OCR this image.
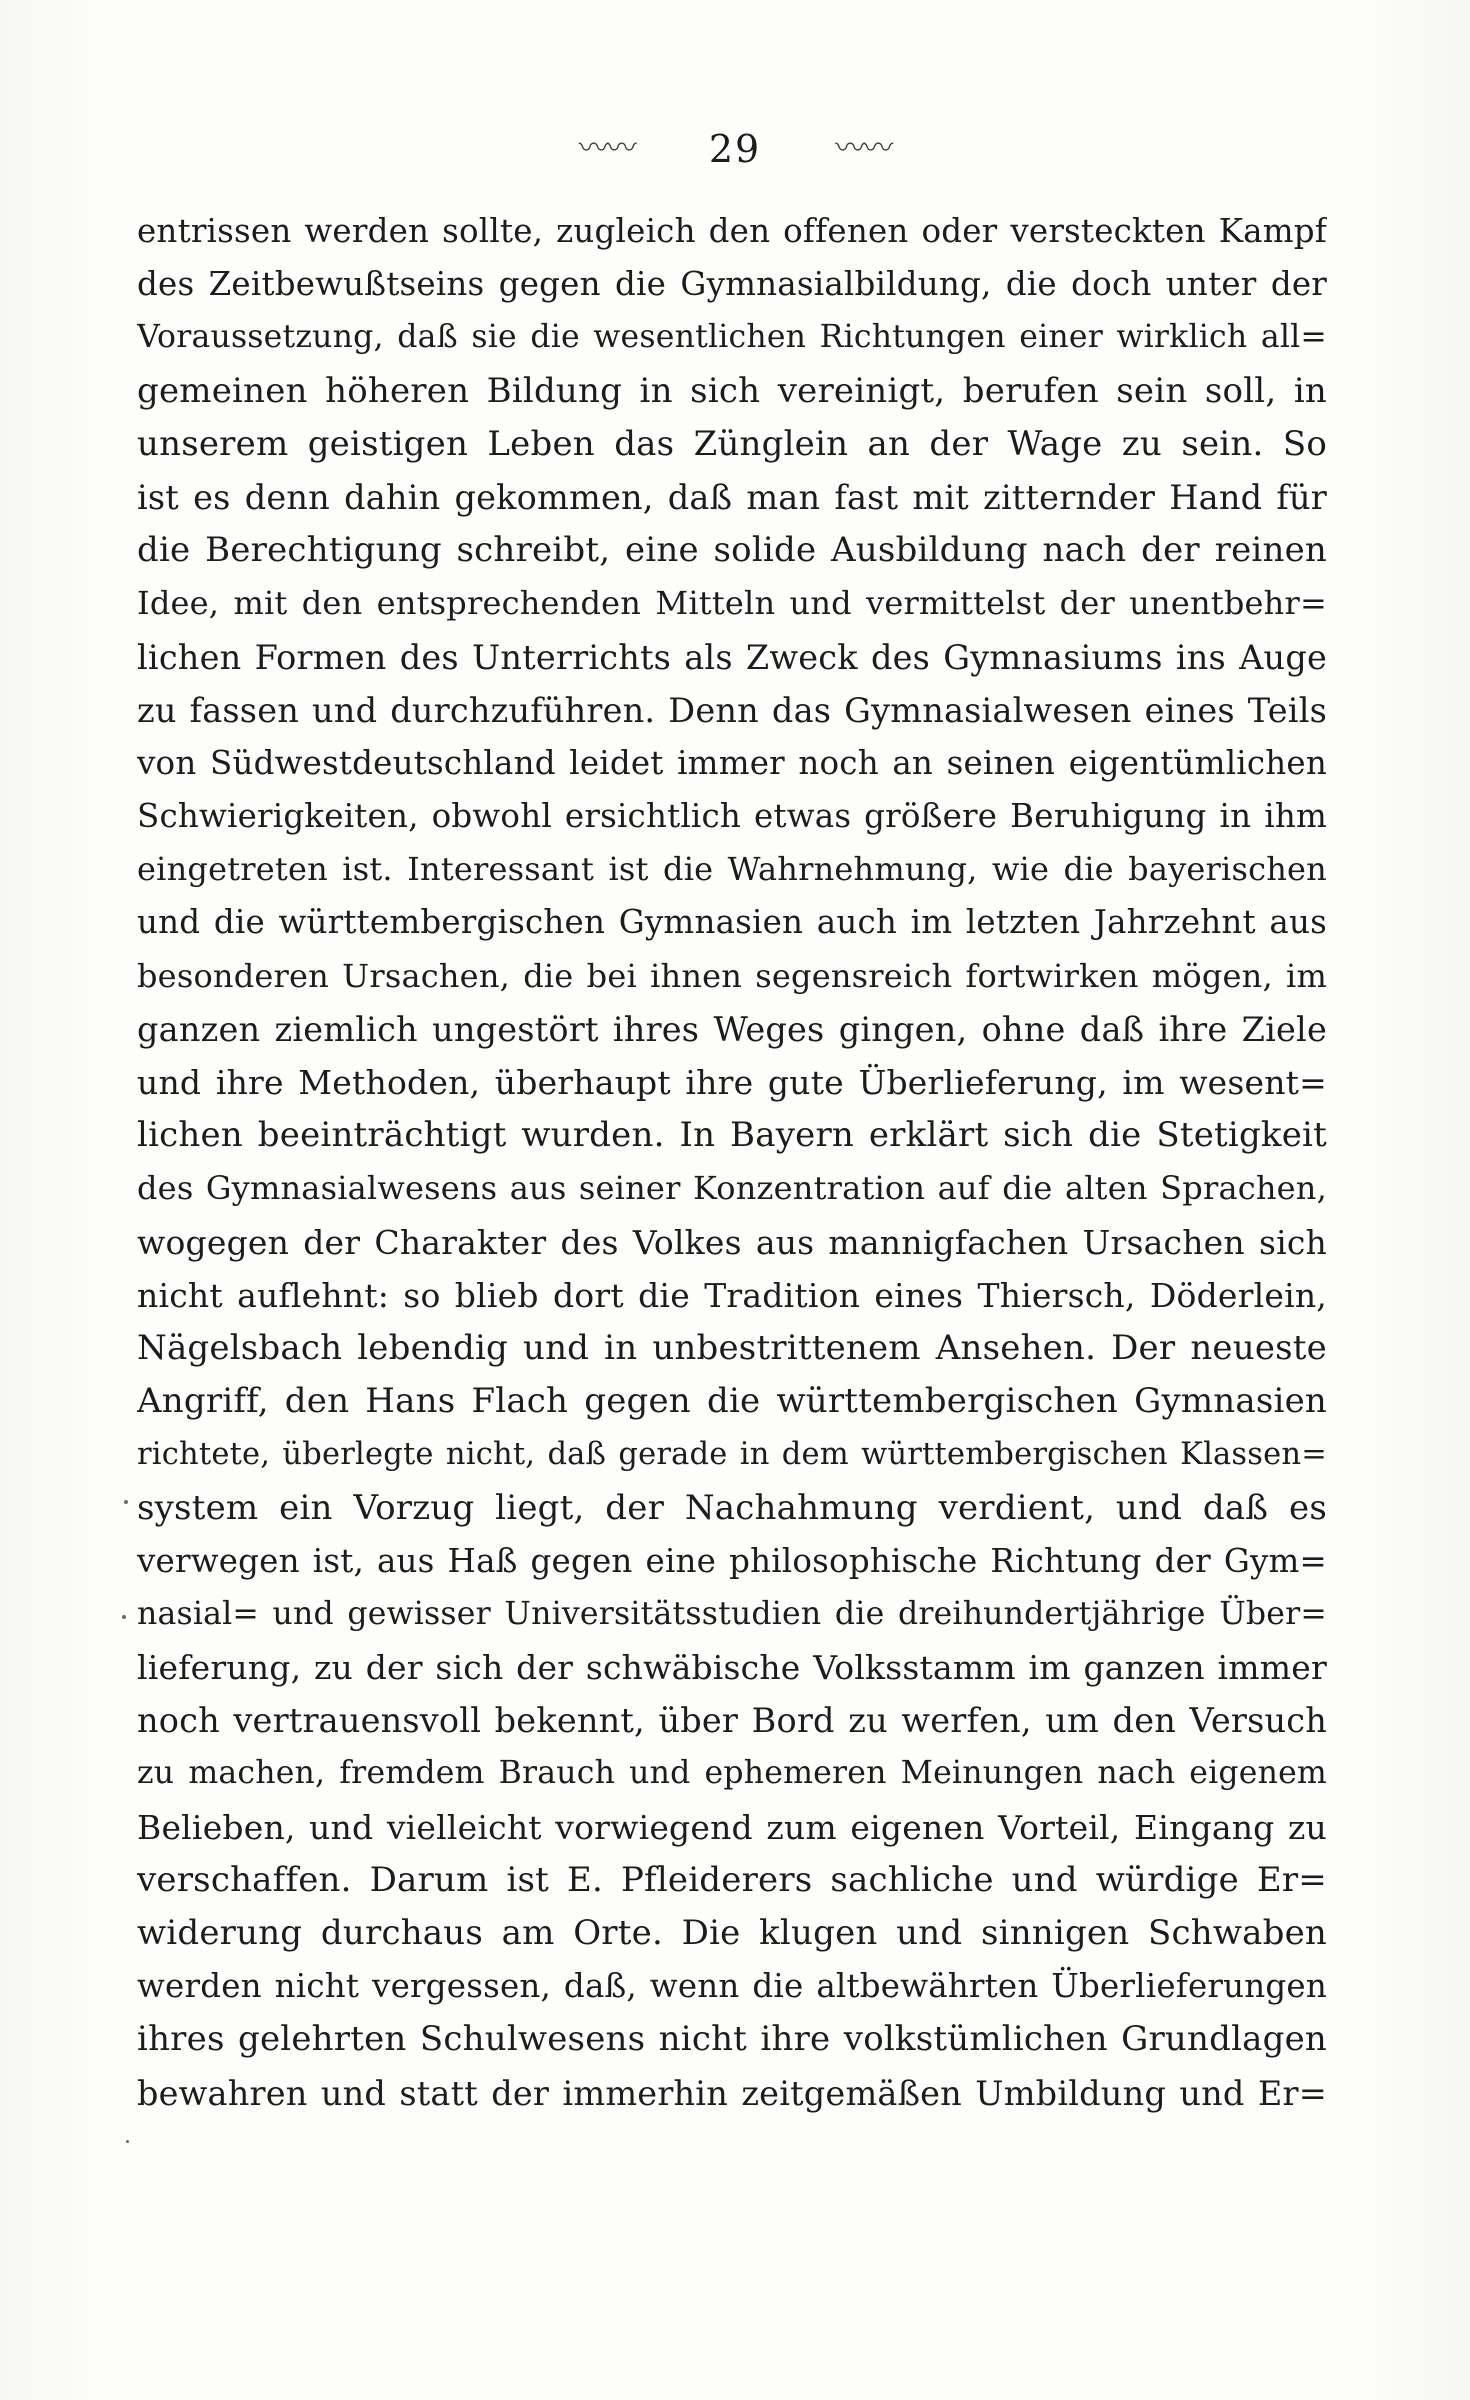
〰〰 29 〰〰
entrissen werden sollte, zugleich den offenen oder versteckten Kampf
des Zeitbewußtseins gegen die Gymnasialbildung, die doch unter der
Voraussetzung, daß sie die wesentlichen Richtungen einer wirklich all=
gemeinen höheren Bildung in sich vereinigt, berufen sein soll, in
unserem geistigen Leben das Zünglein an der Wage zu sein. So
ist es denn dahin gekommen, daß man fast mit zitternder Hand für
die Berechtigung schreibt, eine solide Ausbildung nach der reinen
Idee, mit den entsprechenden Mitteln und vermittelst der unentbehr=
lichen Formen des Unterrichts als Zweck des Gymnasiums ins Auge
zu fassen und durchzuführen. Denn das Gymnasialwesen eines Teils
von Südwestdeutschland leidet immer noch an seinen eigentümlichen
Schwierigkeiten, obwohl ersichtlich etwas größere Beruhigung in ihm
eingetreten ist. Interessant ist die Wahrnehmung, wie die bayerischen
und die württembergischen Gymnasien auch im letzten Jahrzehnt aus
besonderen Ursachen, die bei ihnen segensreich fortwirken mögen, im
ganzen ziemlich ungestört ihres Weges gingen, ohne daß ihre Ziele
und ihre Methoden, überhaupt ihre gute Überlieferung, im wesent=
lichen beeinträchtigt wurden. In Bayern erklärt sich die Stetigkeit
des Gymnasialwesens aus seiner Konzentration auf die alten Sprachen,
wogegen der Charakter des Volkes aus mannigfachen Ursachen sich
nicht auflehnt: so blieb dort die Tradition eines Thiersch, Döderlein,
Nägelsbach lebendig und in unbestrittenem Ansehen. Der neueste
Angriff, den Hans Flach gegen die württembergischen Gymnasien
richtete, überlegte nicht, daß gerade in dem württembergischen Klassen=
system ein Vorzug liegt, der Nachahmung verdient, und daß es
verwegen ist, aus Haß gegen eine philosophische Richtung der Gym=
nasial= und gewisser Universitätsstudien die dreihundertjährige Über=
lieferung, zu der sich der schwäbische Volksstamm im ganzen immer
noch vertrauensvoll bekennt, über Bord zu werfen, um den Versuch
zu machen, fremdem Brauch und ephemeren Meinungen nach eigenem
Belieben, und vielleicht vorwiegend zum eigenen Vorteil, Eingang zu
verschaffen. Darum ist E. Pfleiderers sachliche und würdige Er=
widerung durchaus am Orte. Die klugen und sinnigen Schwaben
werden nicht vergessen, daß, wenn die altbewährten Überlieferungen
ihres gelehrten Schulwesens nicht ihre volkstümlichen Grundlagen
bewahren und statt der immerhin zeitgemäßen Umbildung und Er=
